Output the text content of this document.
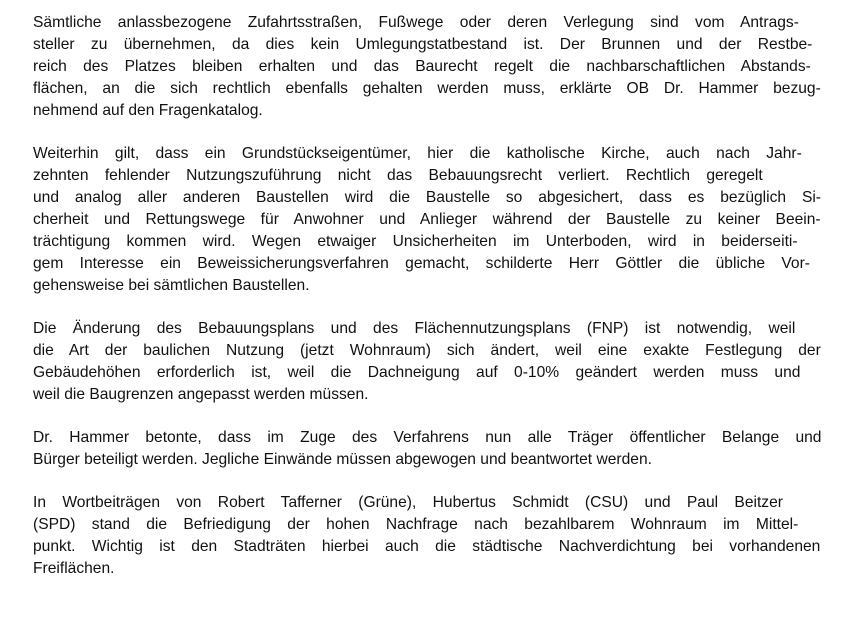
Sämtliche anlassbezogene Zufahrtsstraßen, Fußwege oder deren Verlegung sind vom Antrags-
steller zu übernehmen, da dies kein Umlegungstatbestand ist. Der Brunnen und der Restbe-
reich des Platzes bleiben erhalten und das Baurecht regelt die nachbarschaftlichen Abstands-
flächen, an die sich rechtlich ebenfalls gehalten werden muss, erklärte OB Dr. Hammer bezug-
nehmend auf den Fragenkatalog.
Weiterhin gilt, dass ein Grundstückseigentümer, hier die katholische Kirche, auch nach Jahr-
zehnten fehlender Nutzungszuführung nicht das Bebauungsrecht verliert. Rechtlich geregelt
und analog aller anderen Baustellen wird die Baustelle so abgesichert, dass es bezüglich Si-
cherheit und Rettungswege für Anwohner und Anlieger während der Baustelle zu keiner Beein-
trächtigung kommen wird. Wegen etwaiger Unsicherheiten im Unterboden, wird in beiderseiti-
gem Interesse ein Beweissicherungsverfahren gemacht, schilderte Herr Göttler die übliche Vor-
gehensweise bei sämtlichen Baustellen.
Die Änderung des Bebauungsplans und des Flächennutzungsplans (FNP) ist notwendig, weil
die Art der baulichen Nutzung (jetzt Wohnraum) sich ändert, weil eine exakte Festlegung der
Gebäudehöhen erforderlich ist, weil die Dachneigung auf 0-10% geändert werden muss und
weil die Baugrenzen angepasst werden müssen.
Dr. Hammer betonte, dass im Zuge des Verfahrens nun alle Träger öffentlicher Belange und
Bürger beteiligt werden. Jegliche Einwände müssen abgewogen und beantwortet werden.
In Wortbeiträgen von Robert Tafferner (Grüne), Hubertus Schmidt (CSU) und Paul Beitzer
(SPD) stand die Befriedigung der hohen Nachfrage nach bezahlbarem Wohnraum im Mittel-
punkt. Wichtig ist den Stadträten hierbei auch die städtische Nachverdichtung bei vorhandenen
Freiflächen.
